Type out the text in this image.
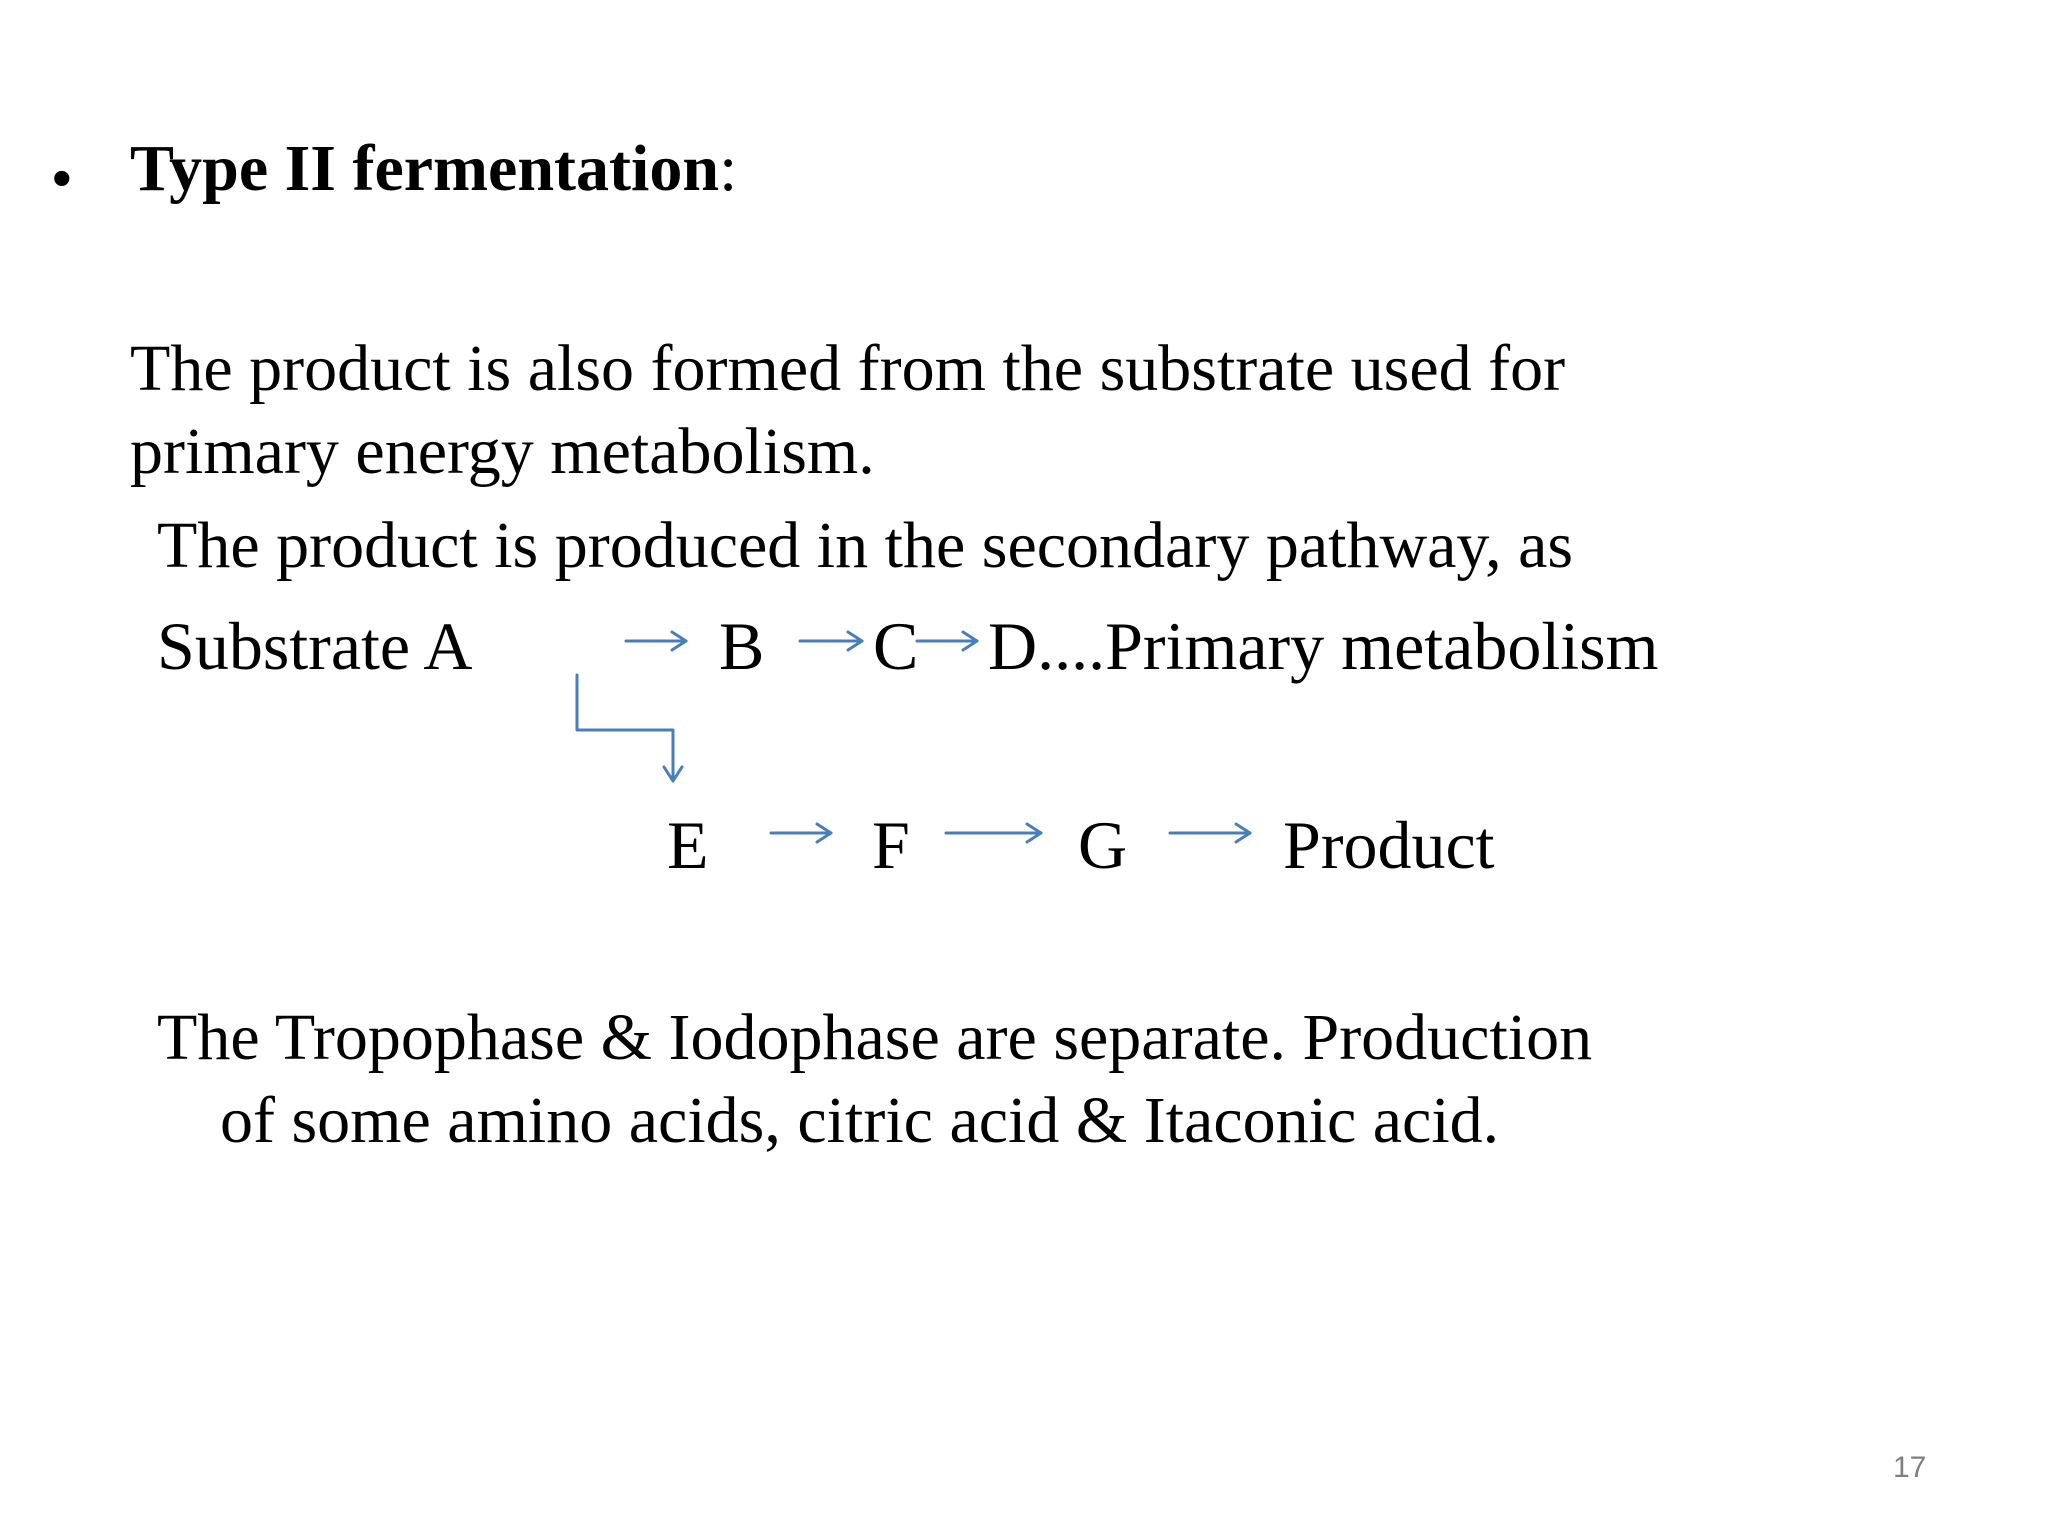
• Type II fermentation:
The product is also formed from the substrate used for
primary energy metabolism.
The product is produced in the secondary pathway, as
Substrate A	B C D....Primary metabolism
E F G Product
The Tropophase & Iodophase are separate. Production
of some amino acids, citric acid & Itaconic acid.
17
